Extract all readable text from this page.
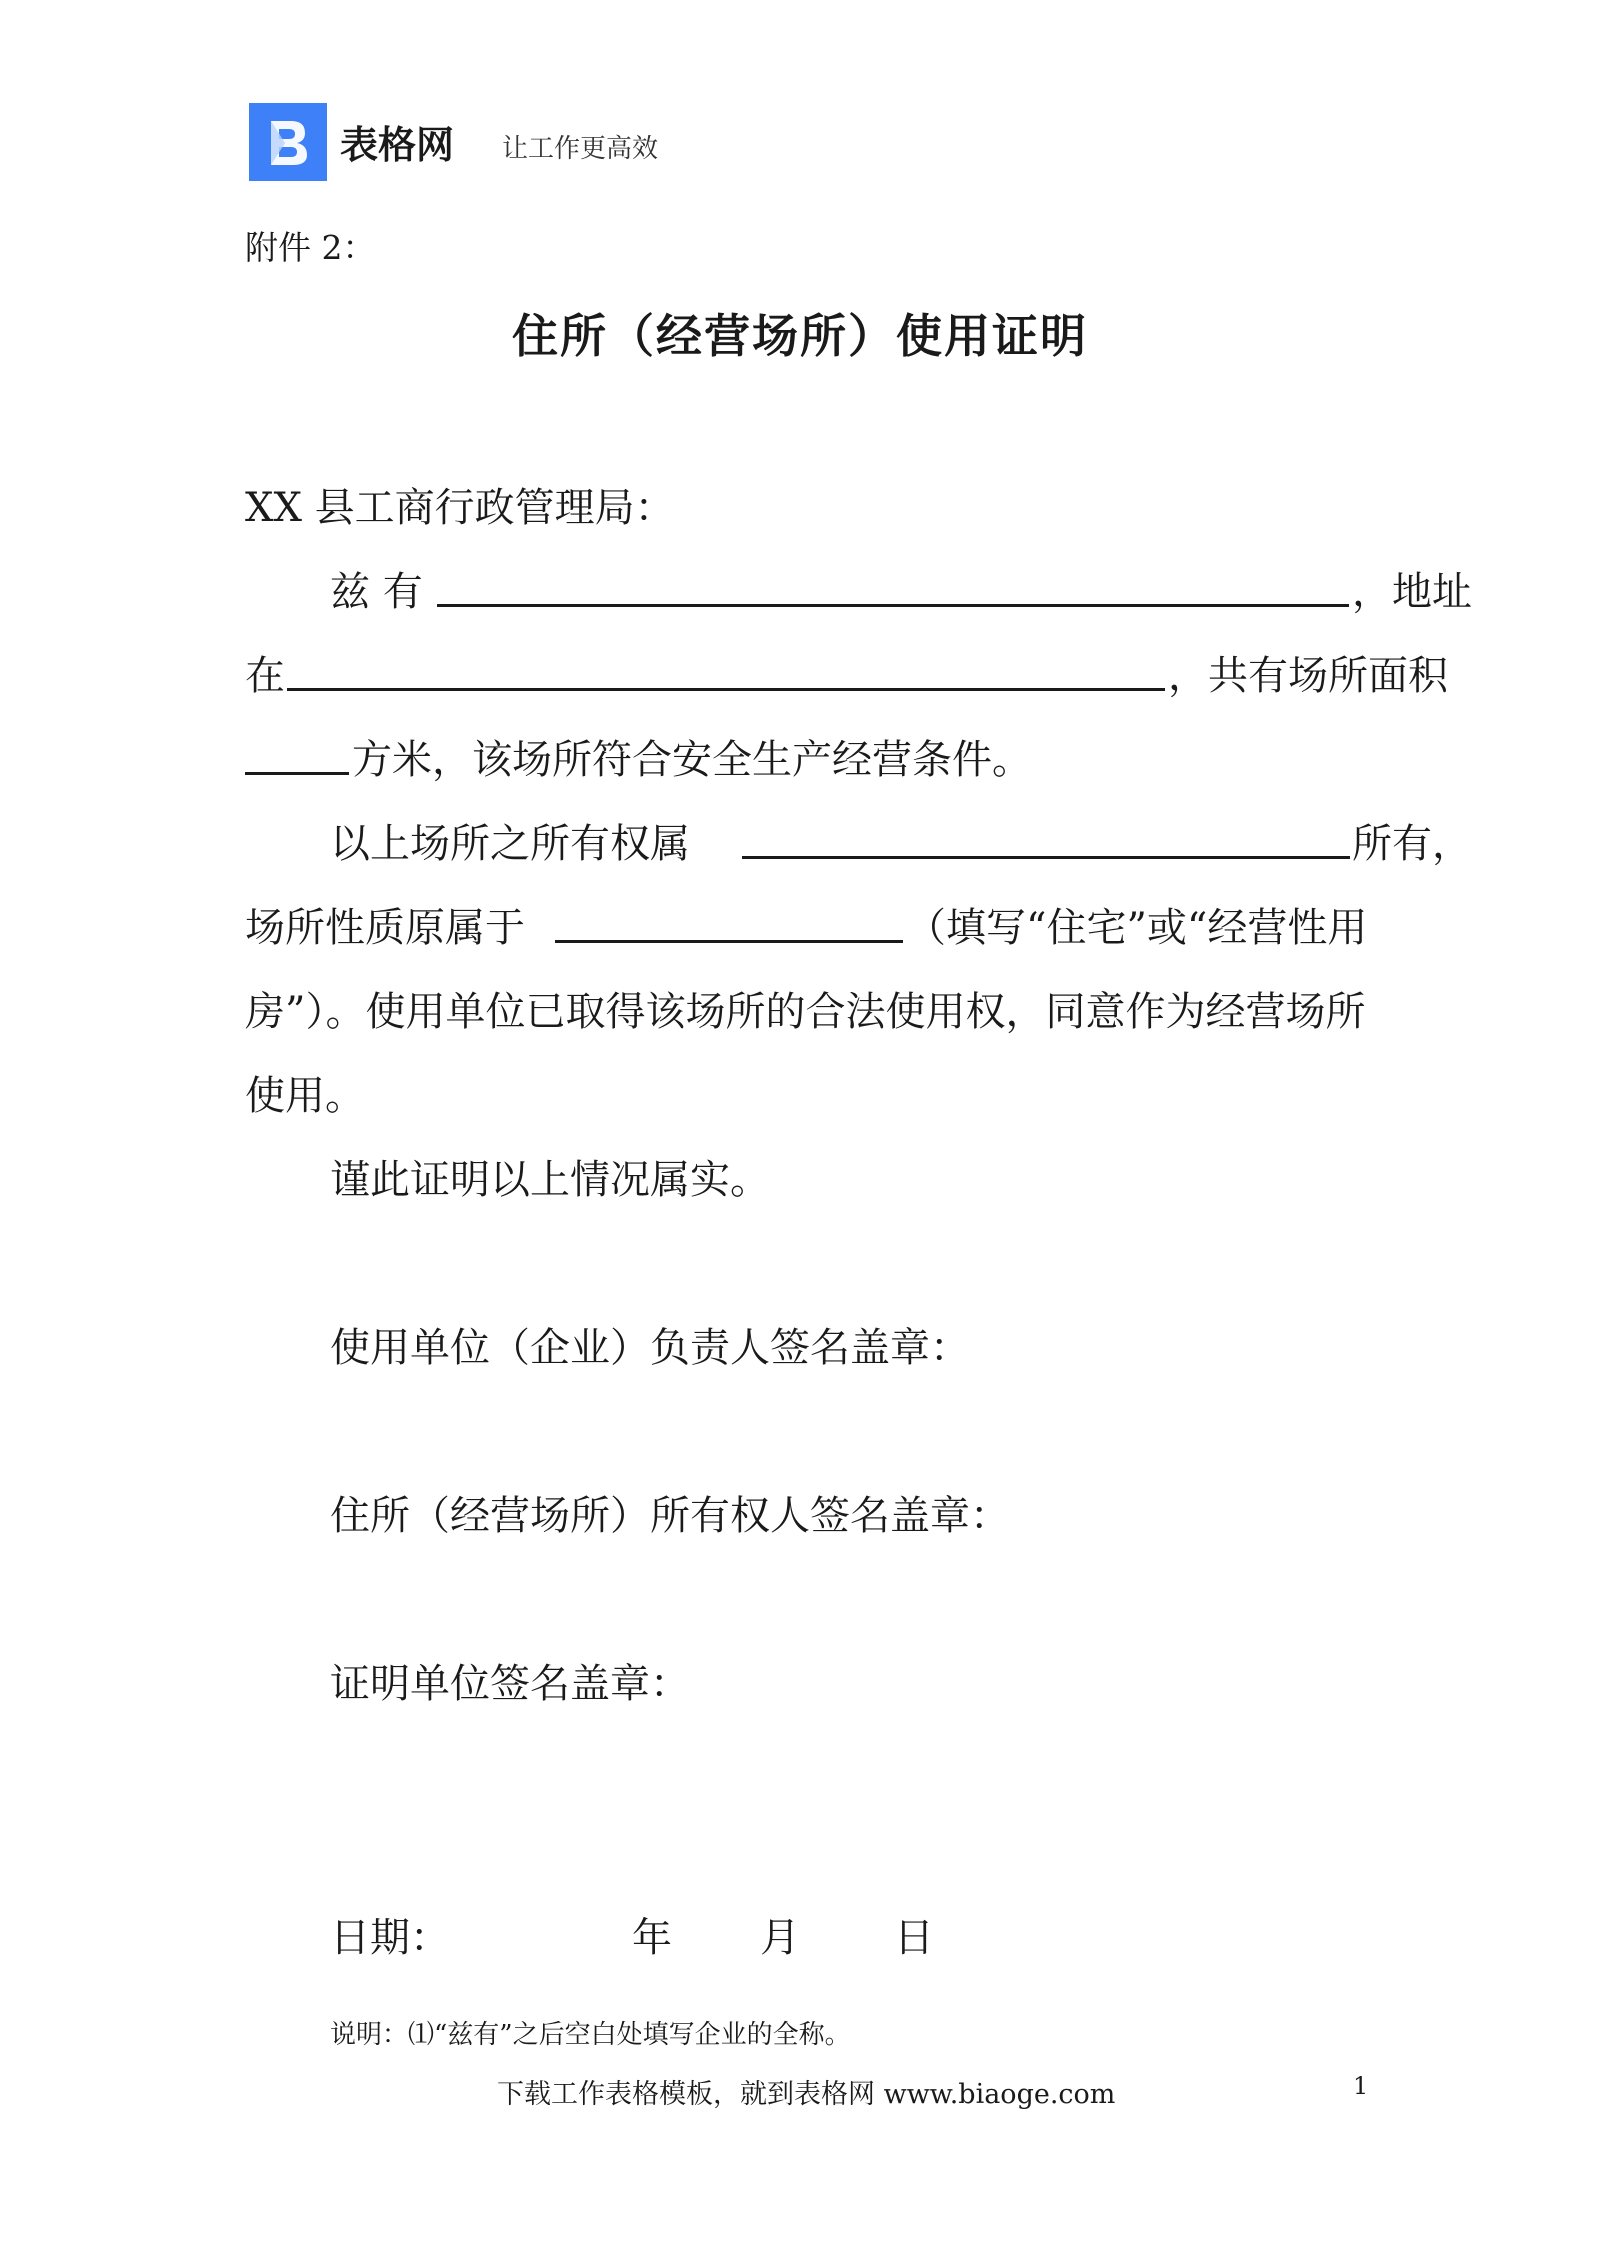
表格网 让工作更高效
附件 2：
住所（经营场所）使用证明
XX 县工商行政管理局：
兹 有	，地址
在	，共有场所面积
方米，该场所符合安全生产经营条件。
以上场所之所有权属	所有，
场所性质原属于	（填写“住宅”或“经营性用
房”）。使用单位已取得该场所的合法使用权，同意作为经营场所
使用。
谨此证明以上情况属实。
使用单位（企业）负责人签名盖章：
住所（经营场所）所有权人签名盖章：
证明单位签名盖章：
日期：	年 月 日
说明：⑴“兹有”之后空白处填写企业的全称。
下载工作表格模板，就到表格网 www.biaoge.com	1
